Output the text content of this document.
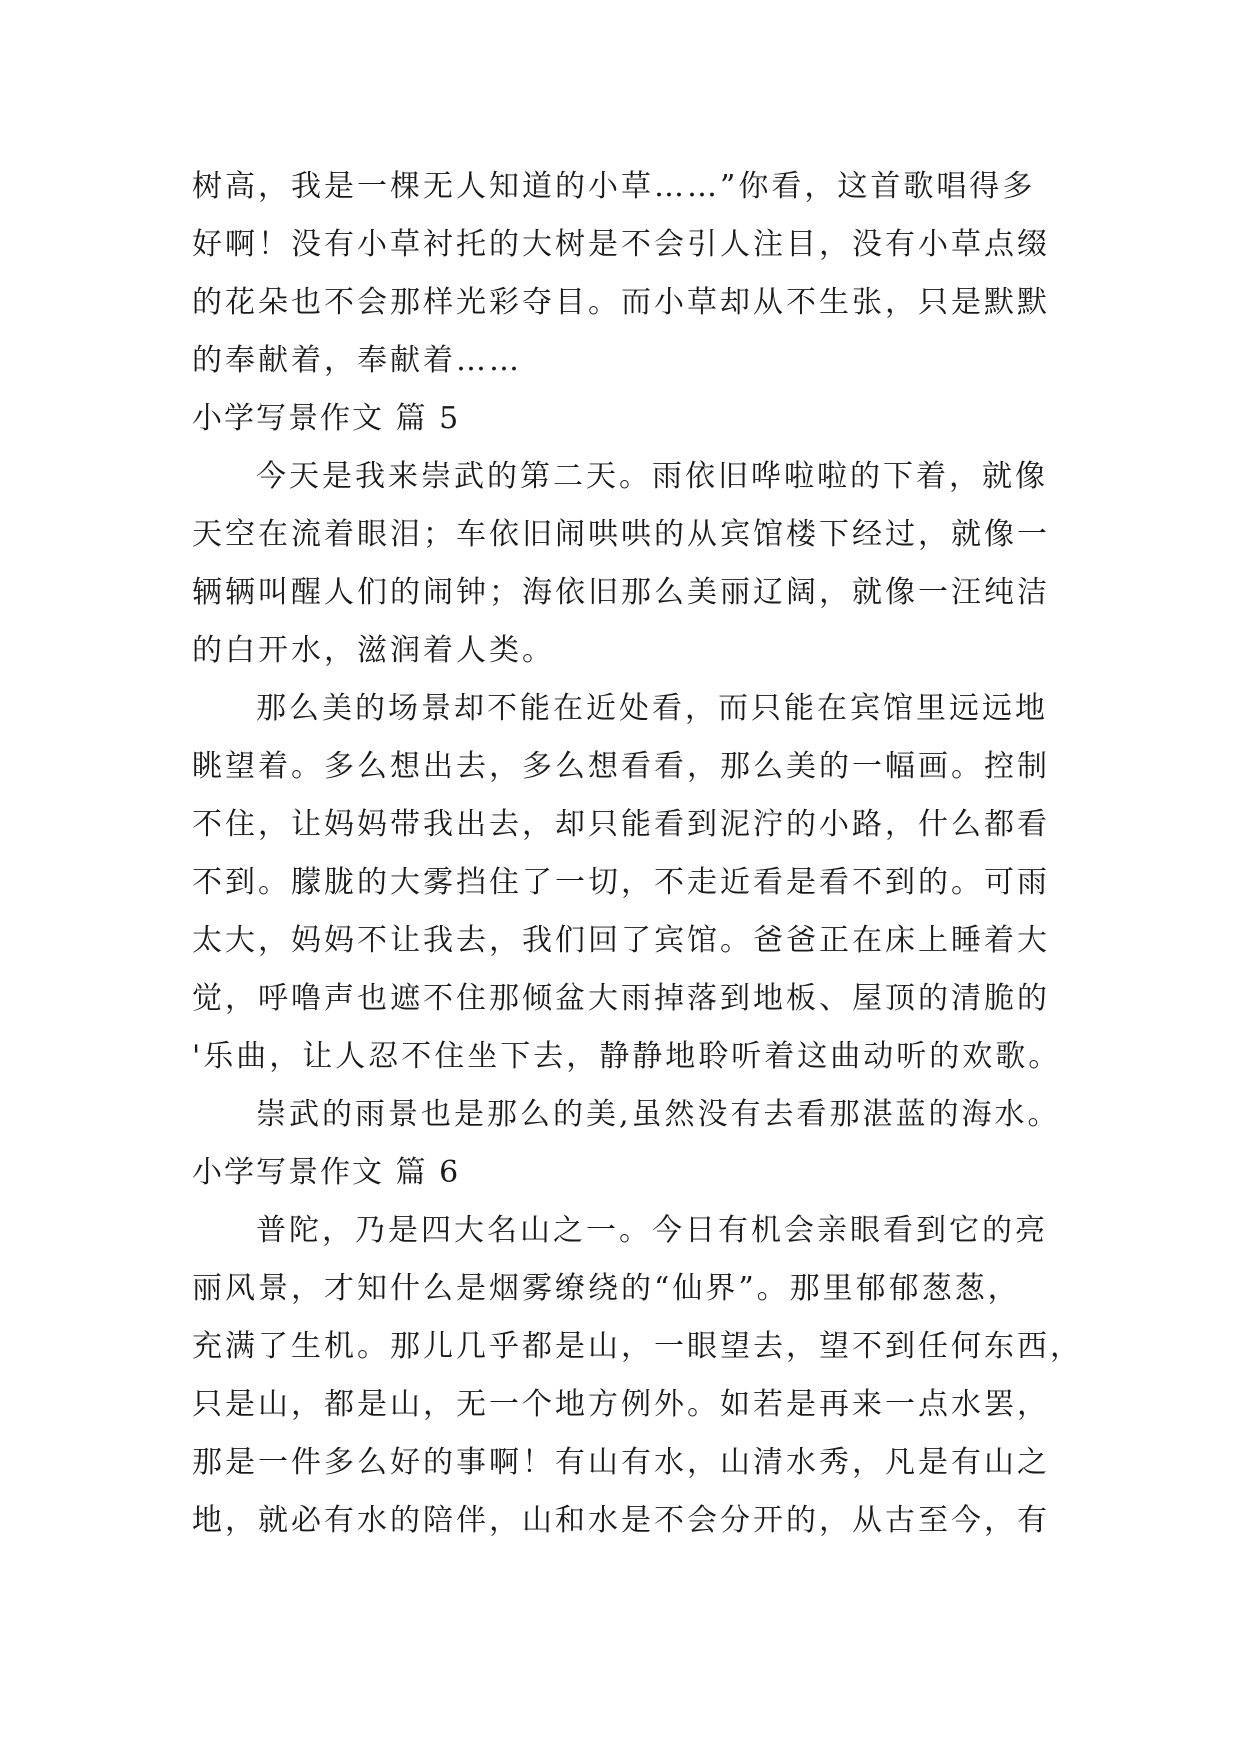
树高，我是一棵无人知道的小草……”你看，这首歌唱得多
好啊！没有小草衬托的大树是不会引人注目，没有小草点缀
的花朵也不会那样光彩夺目。而小草却从不生张，只是默默
的奉献着，奉献着……
小学写景作文 篇 5
今天是我来崇武的第二天。雨依旧哗啦啦的下着，就像
天空在流着眼泪；车依旧闹哄哄的从宾馆楼下经过，就像一
辆辆叫醒人们的闹钟；海依旧那么美丽辽阔，就像一汪纯洁
的白开水，滋润着人类。
那么美的场景却不能在近处看，而只能在宾馆里远远地
眺望着。多么想出去，多么想看看，那么美的一幅画。控制
不住，让妈妈带我出去，却只能看到泥泞的小路，什么都看
不到。朦胧的大雾挡住了一切，不走近看是看不到的。可雨
太大，妈妈不让我去，我们回了宾馆。爸爸正在床上睡着大
觉，呼噜声也遮不住那倾盆大雨掉落到地板、屋顶的清脆的
'乐曲，让人忍不住坐下去，静静地聆听着这曲动听的欢歌。
崇武的雨景也是那么的美,虽然没有去看那湛蓝的海水。
小学写景作文 篇 6
普陀，乃是四大名山之一。今日有机会亲眼看到它的亮
丽风景，才知什么是烟雾缭绕的“仙界”。那里郁郁葱葱，
充满了生机。那儿几乎都是山，一眼望去，望不到任何东西，
只是山，都是山，无一个地方例外。如若是再来一点水罢，
那是一件多么好的事啊！有山有水，山清水秀，凡是有山之
地，就必有水的陪伴，山和水是不会分开的，从古至今，有
